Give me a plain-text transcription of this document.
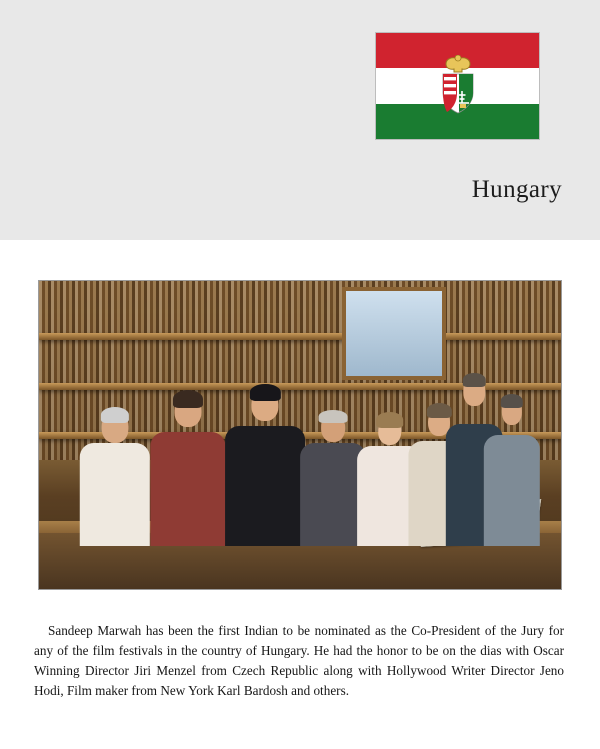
Hungary

Sandeep Marwah has been the first Indian to be nominated as the Co-President of the Jury for any of the film festivals in the country of Hungary. He had the honor to be on the dias with Oscar Winning Director Jiri Menzel from Czech Republic along with Hollywood Writer Director Jeno Hodi, Film maker from New York Karl Bardosh and others.
